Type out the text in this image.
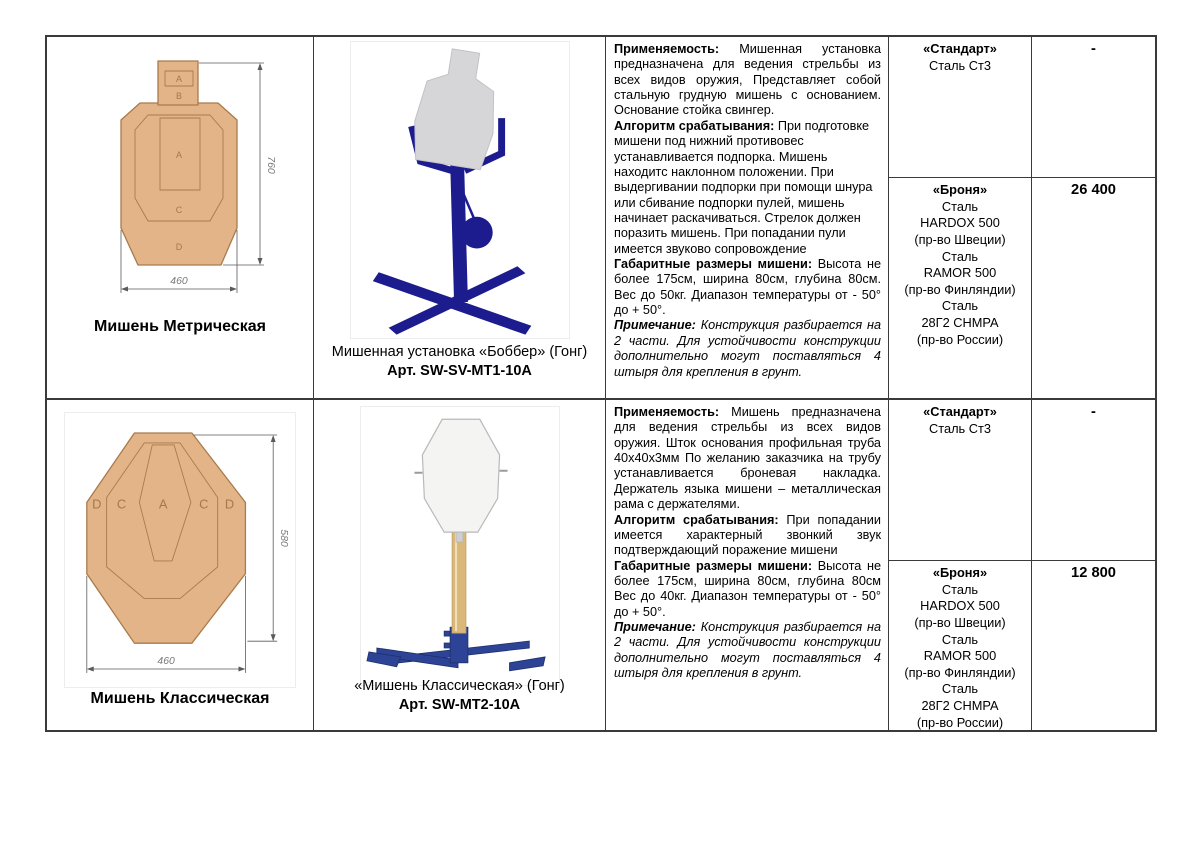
A
B
A
C
D
760
460
Мишень Метрическая
Мишенная установка «Боббер» (Гонг)
Арт. SW-SV-MT1-10A

Применяемость: Мишенная установка предназначена для ведения стрельбы из всех видов оружия, Представляет собой стальную грудную мишень с основанием. Основание стойка свингер.

Алгоритм срабатывания: При подготовке мишени под нижний противовес устанавливается подпорка. Мишень находитс наклонном положении. При выдергивании подпорки при помощи шнура или сбивание подпорки пулей, мишень начинает раскачиваться. Стрелок должен поразить мишень. При попадании пули имеется звуково сопровождение

Габаритные размеры мишени: Высота не более 175см, ширина 80см, глубина 80см. Вес до 50кг. Диапазон температуры от - 50° до + 50°.

Примечание: Конструкция разбирается на 2 части. Для устойчивости конструкции дополнительно могут поставляться 4 штыря для крепления в грунт.

«Стандарт»
Сталь Ст3
-
«Броня»
Сталь
HARDOX 500
(пр-во Швеции)
Сталь
RAMOR 500
(пр-во Финляндии)
Сталь
28Г2 CHMPA
(пр-во России)
26 400
D C	A C D
580
460
Мишень Классическая
«Мишень Классическая» (Гонг)
Арт. SW-MT2-10A

Применяемость: Мишень предназначена для ведения стрельбы из всех видов оружия. Шток основания профильная труба 40х40х3мм По желанию заказчика на трубу устанавливается броневая накладка. Держатель языка мишени – металлическая рама с держателями.

Алгоритм срабатывания: При попадании имеется характерный звонкий звук подтверждающий поражение мишени

Габаритные размеры мишени: Высота не более 175см, ширина 80см, глубина 80см Вес до 40кг. Диапазон температуры от - 50° до + 50°.

Примечание: Конструкция разбирается на 2 части. Для устойчивости конструкции дополнительно могут поставляться 4 штыря для крепления в грунт.

«Стандарт»
Сталь Ст3
-
«Броня»
Сталь
HARDOX 500
(пр-во Швеции)
Сталь
RAMOR 500
(пр-во Финляндии)
Сталь
28Г2 CHMPA
(пр-во России)
12 800
